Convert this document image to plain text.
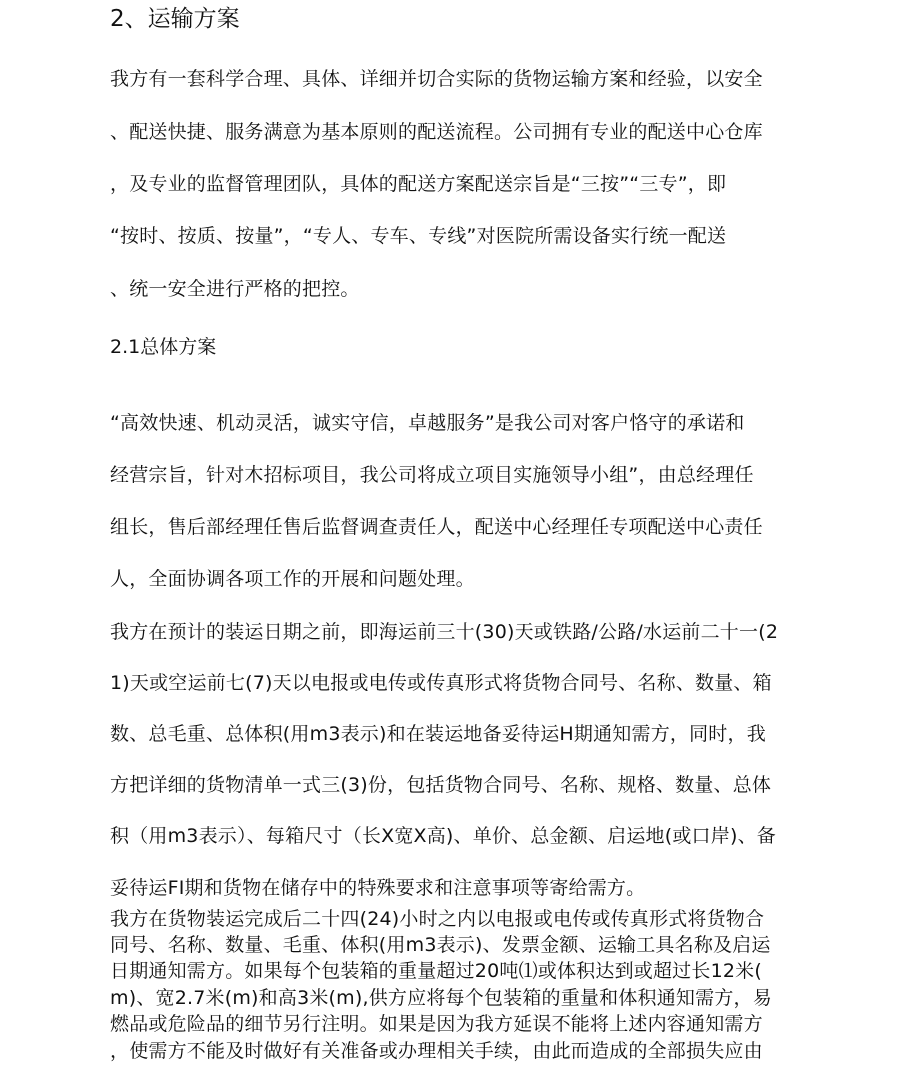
2、运输方案
我方有一套科学合理、具体、详细并切合实际的货物运输方案和经验，以安全
、配送快捷、服务满意为基本原则的配送流程。公司拥有专业的配送中心仓库
，及专业的监督管理团队，具体的配送方案配送宗旨是“三按”“三专”，即
“按时、按质、按量”，“专人、专车、专线”对医院所需设备实行统一配送
、统一安全进行严格的把控。
2.1总体方案
“高效快速、机动灵活，诚实守信，卓越服务”是我公司对客户恪守的承诺和
经营宗旨，针对木招标项目，我公司将成立项目实施领导小组”，由总经理任
组长，售后部经理任售后监督调查责任人，配送中心经理任专项配送中心责任
人，全面协调各项工作的开展和问题处理。
我方在预计的装运日期之前，即海运前三十(30)天或铁路/公路/水运前二十一(2
1)天或空运前七(7)天以电报或电传或传真形式将货物合同号、名称、数量、箱
数、总毛重、总体积(用m3表示)和在装运地备妥待运H期通知需方，同时，我
方把详细的货物清单一式三(3)份，包括货物合同号、名称、规格、数量、总体
积（用m3表示）、每箱尺寸（长X宽X高)、单价、总金额、启运地(或口岸)、备
妥待运FI期和货物在储存中的特殊要求和注意事项等寄给需方。
我方在货物装运完成后二十四(24)小时之内以电报或电传或传真形式将货物合
同号、名称、数量、毛重、体积(用m3表示)、发票金额、运输工具名称及启运
日期通知需方。如果每个包装箱的重量超过20吨⑴或体积达到或超过长12米(
m)、宽2.7米(m)和高3米(m),供方应将每个包装箱的重量和体积通知需方，易
燃品或危险品的细节另行注明。如果是因为我方延误不能将上述内容通知需方
，使需方不能及时做好有关准备或办理相关手续，由此而造成的全部损失应由
